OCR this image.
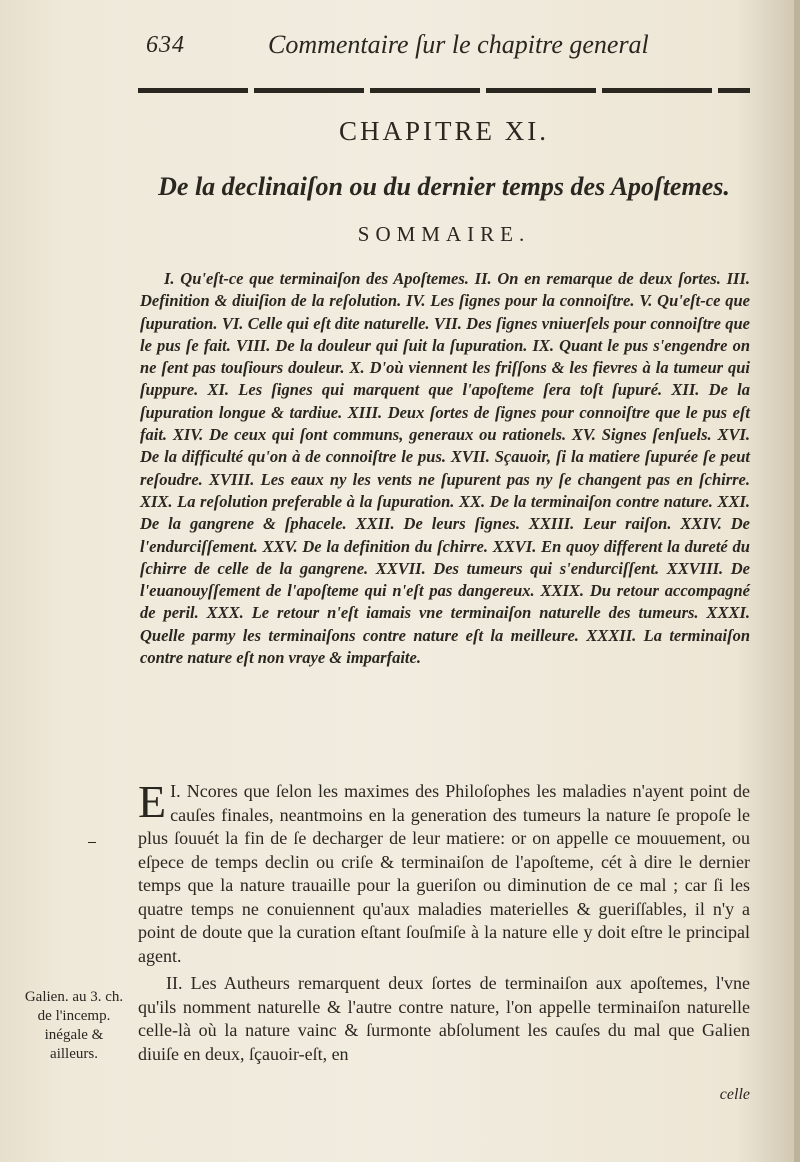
634	Commentaire ſur le chapitre general
CHAPITRE XI.
De la declinaiſon ou du dernier temps des Apoſtemes.
SOMMAIRE.
I. Qu'eſt-ce que terminaiſon des Apoſtemes. II. On en remarque de deux ſortes. III. Definition & diuiſion de la reſolution. IV. Les ſignes pour la connoiſtre. V. Qu'eſt-ce que ſupuration. VI. Celle qui eſt dite naturelle. VII. Des ſignes vniuerſels pour connoiſtre que le pus ſe fait. VIII. De la douleur qui ſuit la ſupuration. IX. Quant le pus s'engendre on ne ſent pas touſiours douleur. X. D'où viennent les friſſons & les fievres à la tumeur qui ſuppure. XI. Les ſignes qui marquent que l'apoſteme ſera toſt ſupuré. XII. De la ſupuration longue & tardiue. XIII. Deux ſortes de ſignes pour connoiſtre que le pus eſt fait. XIV. De ceux qui ſont communs, generaux ou rationels. XV. Signes ſenſuels. XVI. De la difficulté qu'on à de connoiſtre le pus. XVII. Sçauoir, ſi la matiere ſupurée ſe peut reſoudre. XVIII. Les eaux ny les vents ne ſupurent pas ny ſe changent pas en ſchirre. XIX. La reſolution preferable à la ſupuration. XX. De la terminaiſon contre nature. XXI. De la gangrene & ſphacele. XXII. De leurs ſignes. XXIII. Leur raiſon. XXIV. De l'endurciſſement. XXV. De la definition du ſchirre. XXVI. En quoy different la dureté du ſchirre de celle de la gangrene. XXVII. Des tumeurs qui s'endurciſſent. XXVIII. De l'euanouyſſement de l'apoſteme qui n'eſt pas dangereux. XXIX. Du retour accompagné de peril. XXX. Le retour n'eſt iamais vne terminaiſon naturelle des tumeurs. XXXI. Quelle parmy les terminaiſons contre nature eſt la meilleure. XXXII. La terminaiſon contre nature eſt non vraye & imparfaite.

I.
E Ncores que ſelon les maximes des Philoſophes les maladies n'ayent point de cauſes finales, neantmoins en la generation des tumeurs la nature ſe propoſe le plus ſouuét la fin de ſe decharger de leur matiere: or on appelle ce mouuement, ou eſpece de temps declin ou criſe & terminaiſon de l'apoſteme, cét à dire le dernier temps que la nature trauaille pour la gueriſon ou diminution de ce mal ; car ſi les quatre temps ne conuiennent qu'aux maladies materielles & gueriſſables, il n'y a point de doute que la curation eſtant ſouſmiſe à la nature elle y doit eſtre le principal agent.

II. Les Autheurs remarquent deux ſortes de terminaiſon aux apoſtemes, l'vne qu'ils nomment naturelle & l'autre contre nature, l'on appelle terminaiſon naturelle celle-là où la nature vainc & ſurmonte abſolument les cauſes du mal que Galien diuiſe en deux, ſçauoir-eſt, en

Galien. au 3. ch. de l'incemp. inégale & ailleurs.
celle
